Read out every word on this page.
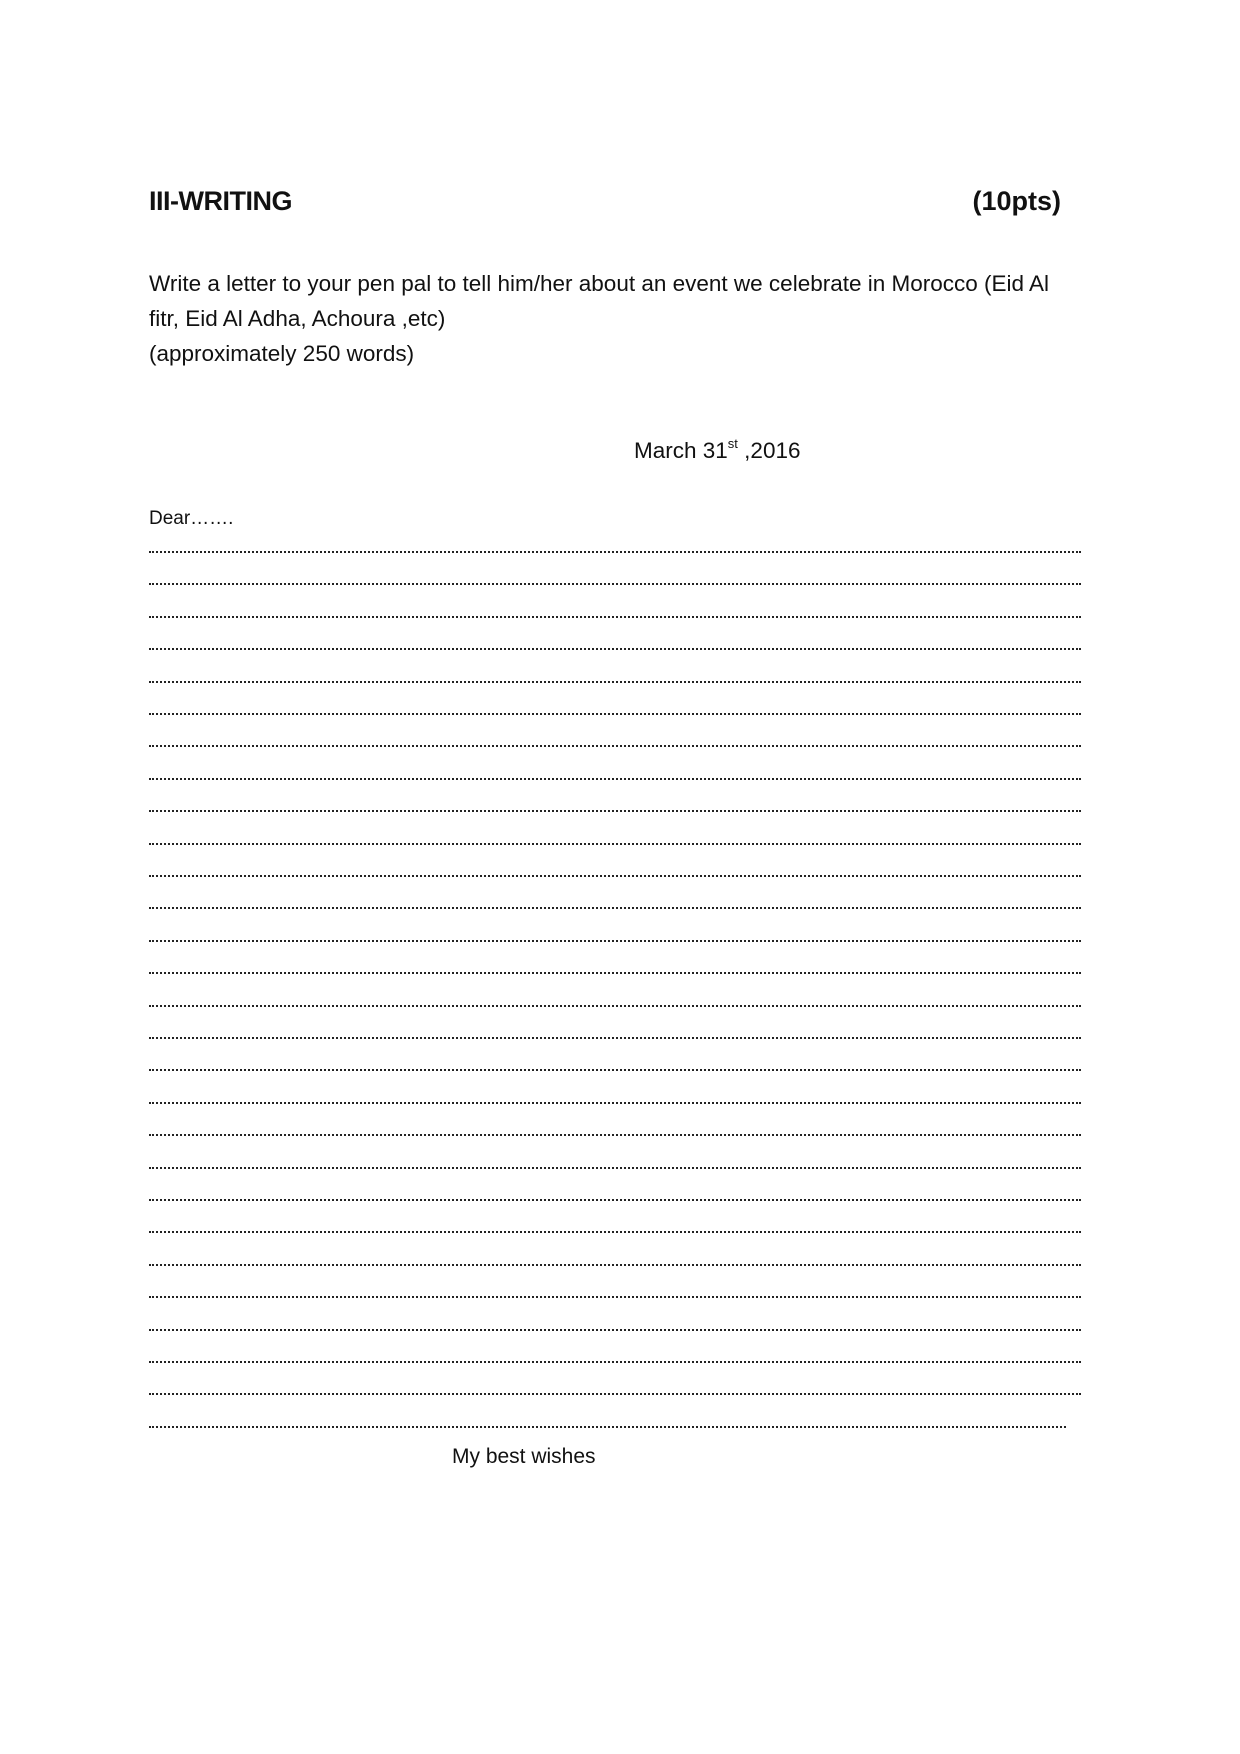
III-WRITING	(10pts)
Write a letter to your pen pal to tell him/her about an event we celebrate in Morocco (Eid Al
fitr, Eid Al Adha, Achoura ,etc)
(approximately 250 words)
March 31st ,2016
Dear…….
My best wishes
